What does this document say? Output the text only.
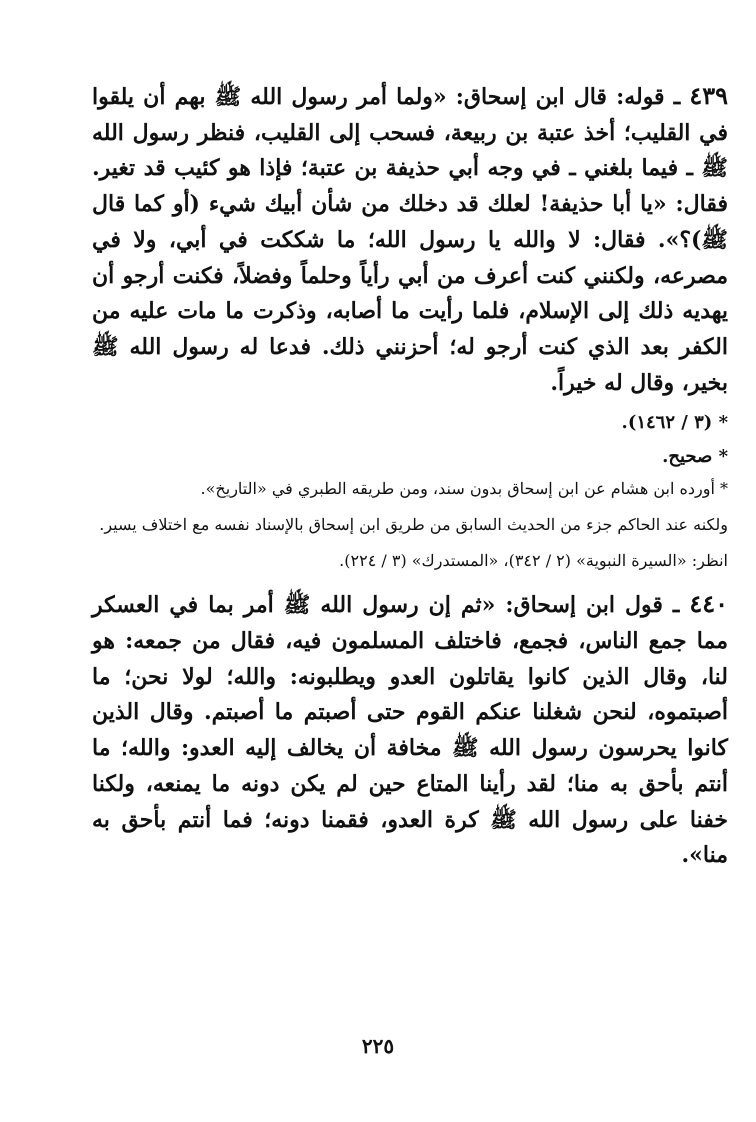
٤٣٩ ـ قوله: قال ابن إسحاق: «ولما أمر رسول الله ﷺ بهم أن يلقوا في القليب؛ أخذ عتبة بن ربيعة، فسحب إلى القليب، فنظر رسول الله ﷺ ـ فيما بلغني ـ في وجه أبي حذيفة بن عتبة؛ فإذا هو كئيب قد تغير. فقال: «يا أبا حذيفة! لعلك قد دخلك من شأن أبيك شيء (أو كما قال ﷺ)؟». فقال: لا والله يا رسول الله؛ ما شككت في أبي، ولا في مصرعه، ولكنني كنت أعرف من أبي رأياً وحلماً وفضلاً، فكنت أرجو أن يهديه ذلك إلى الإسلام، فلما رأيت ما أصابه، وذكرت ما مات عليه من الكفر بعد الذي كنت أرجو له؛ أحزنني ذلك. فدعا له رسول الله ﷺ بخير، وقال له خيراً.

* (٣ / ١٤٦٢).

* صحيح.

* أورده ابن هشام عن ابن إسحاق بدون سند، ومن طريقه الطبري في «التاريخ».

ولكنه عند الحاكم جزء من الحديث السابق من طريق ابن إسحاق بالإسناد نفسه مع اختلاف يسير.

انظر: «السيرة النبوية» (٢ / ٣٤٢)، «المستدرك» (٣ / ٢٢٤).

٤٤٠ ـ قول ابن إسحاق: «ثم إن رسول الله ﷺ أمر بما في العسكر مما جمع الناس، فجمع، فاختلف المسلمون فيه، فقال من جمعه: هو لنا، وقال الذين كانوا يقاتلون العدو ويطلبونه: والله؛ لولا نحن؛ ما أصبتموه، لنحن شغلنا عنكم القوم حتى أصبتم ما أصبتم. وقال الذين كانوا يحرسون رسول الله ﷺ مخافة أن يخالف إليه العدو: والله؛ ما أنتم بأحق به منا؛ لقد رأينا المتاع حين لم يكن دونه ما يمنعه، ولكنا خفنا على رسول الله ﷺ كرة العدو، فقمنا دونه؛ فما أنتم بأحق به منا».

٢٢٥
